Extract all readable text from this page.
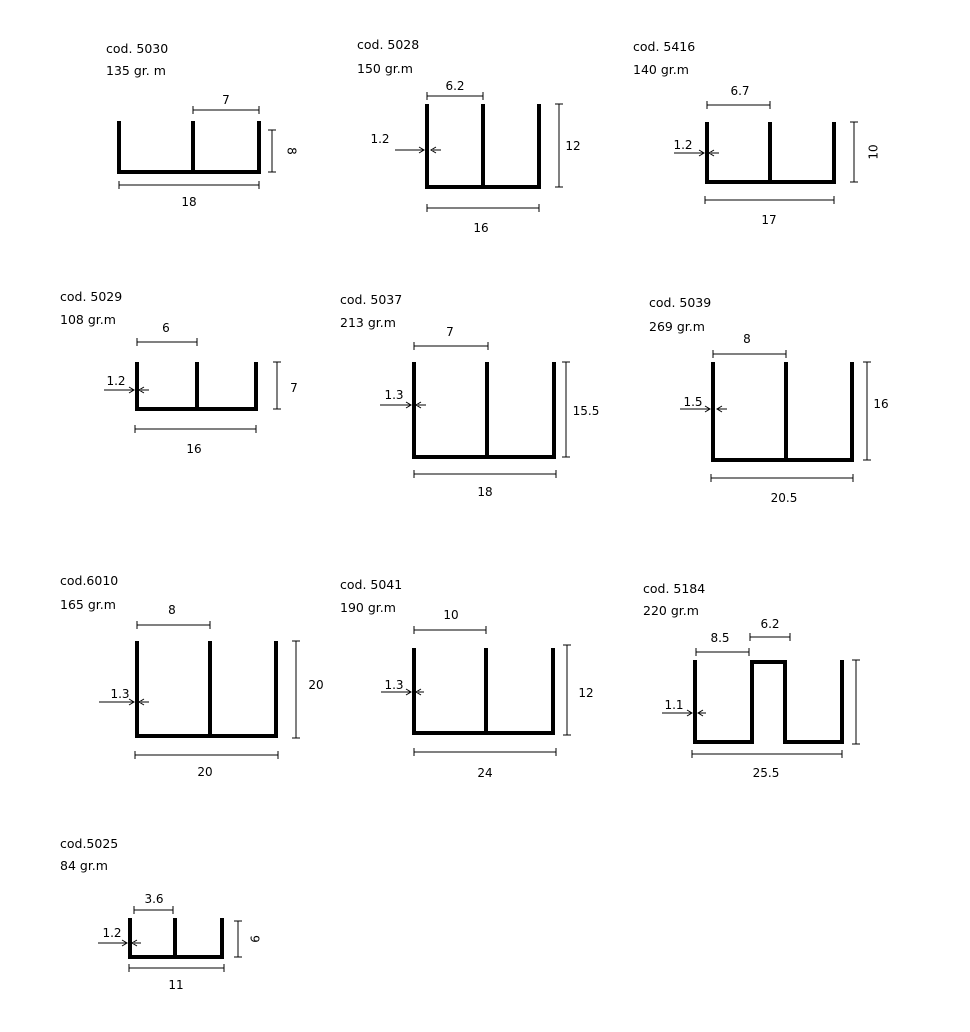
cod. 5030
135 gr. m
7
8
18
cod. 5028
150 gr.m
6.2
1.2	12
16
cod. 5416
140 gr.m
6.7
1.2	10
17
cod. 5029
108 gr.m
6
1.2	7
16
cod. 5037
213 gr.m
7
1.3
15.5
18
cod. 5039
269 gr.m
8
1.5	16
20.5
cod.6010
165 gr.m	8
1.3
20
20
cod. 5041
190 gr.m	10
1.3
12
24
cod. 5184
220 gr.m
8.5
6.2
1.1
25.5
cod.5025
84 gr.m
3.6
1.2	9
11
